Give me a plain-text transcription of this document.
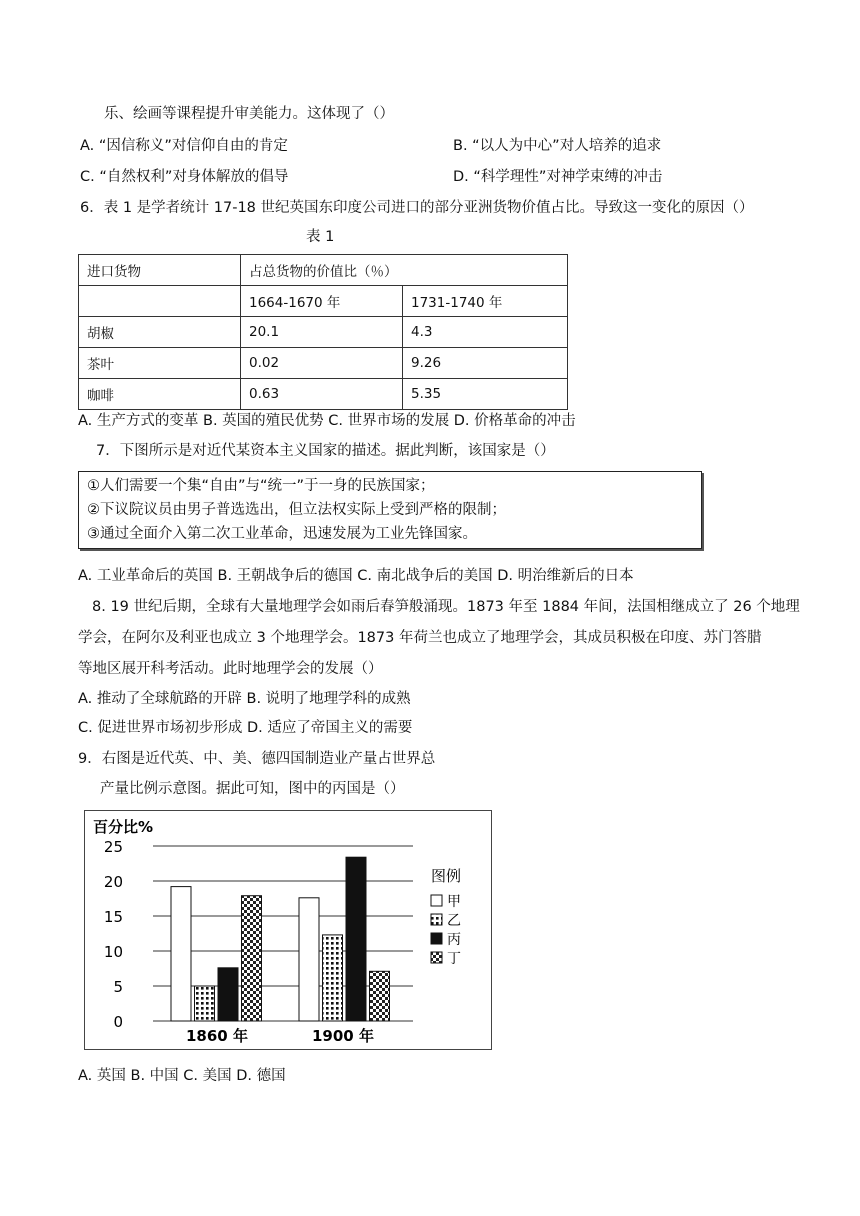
乐、绘画等课程提升审美能力。这体现了（）
A. “因信称义”对信仰自由的肯定	B. “以人为中心”对人培养的追求
C. “自然权利”对身体解放的倡导	D. “科学理性”对神学束缚的冲击
6．表 1 是学者统计 17-18 世纪英国东印度公司进口的部分亚洲货物价值占比。导致这一变化的原因（）
表 1
进口货物	占总货物的价值比（％）	
	1664-1670 年	1731-1740 年
胡椒	20.1	4.3
茶叶	0.02	9.26
咖啡	0.63	5.35
A. 生产方式的变革 B. 英国的殖民优势 C. 世界市场的发展 D. 价格革命的冲击
7．下图所示是对近代某资本主义国家的描述。据此判断，该国家是（）
①人们需要一个集“自由”与“统一”于一身的民族国家；
②下议院议员由男子普选选出，但立法权实际上受到严格的限制；
③通过全面介入第二次工业革命，迅速发展为工业先锋国家。
A. 工业革命后的英国 B. 王朝战争后的德国 C. 南北战争后的美国 D. 明治维新后的日本
8. 19 世纪后期，全球有大量地理学会如雨后春笋般涌现。1873 年至 1884 年间，法国相继成立了 26 个地理
学会，在阿尔及利亚也成立 3 个地理学会。1873 年荷兰也成立了地理学会，其成员积极在印度、苏门答腊
等地区展开科考活动。此时地理学会的发展（）
A. 推动了全球航路的开辟 B. 说明了地理学科的成熟
C. 促进世界市场初步形成 D. 适应了帝国主义的需要
9．右图是近代英、中、美、德四国制造业产量占世界总
产量比例示意图。据此可知，图中的丙国是（）
0
5
10
15
20
25
1860 年	1900 年
图例
甲
乙
丙
丁
百分比%
A. 英国 B. 中国 C. 美国 D. 德国
